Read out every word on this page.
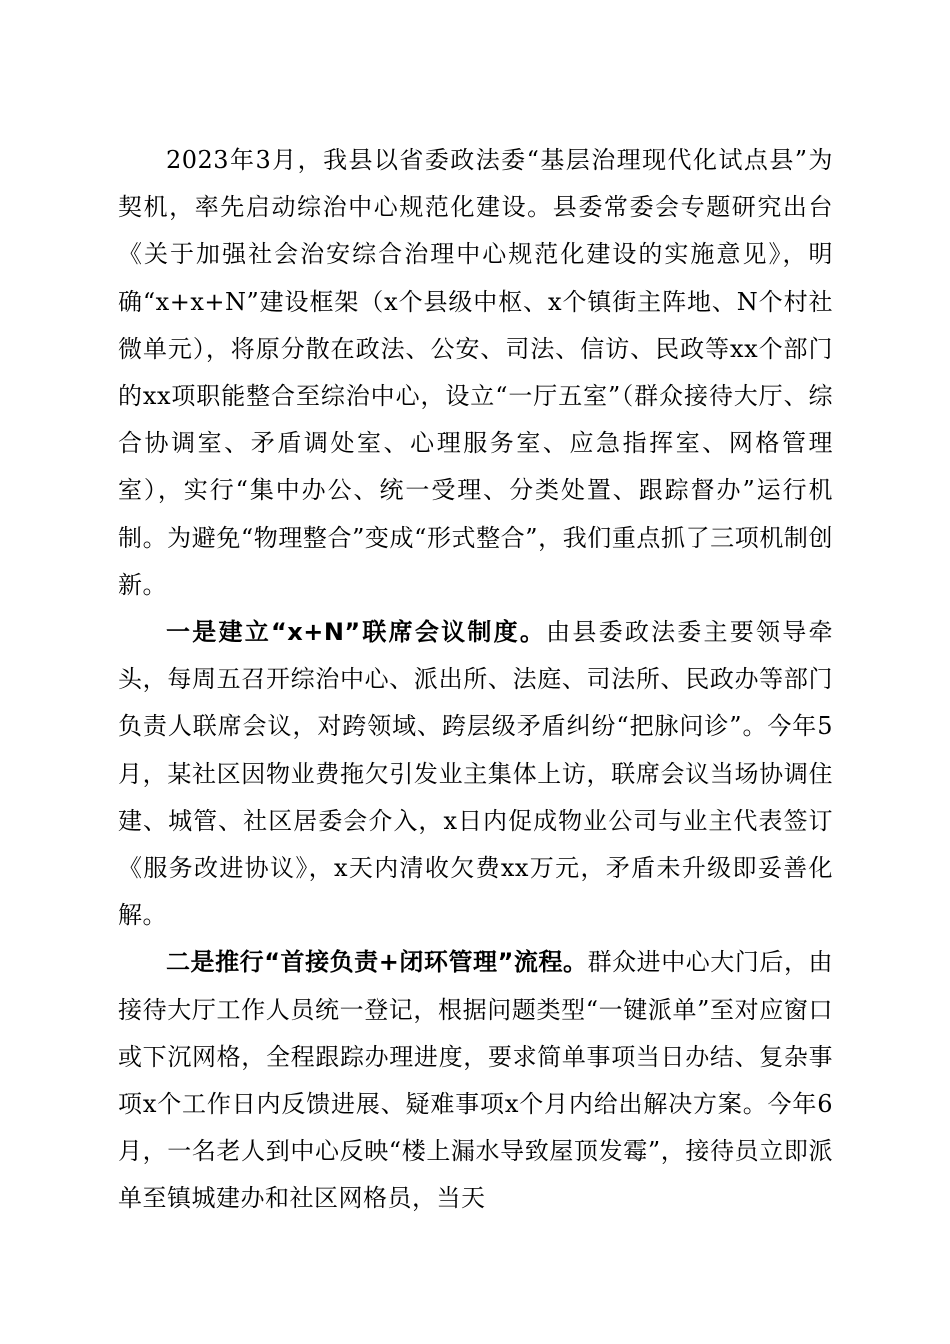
2023年3月，我县以省委政法委“基层治理现代化试点县”为契机，率先启动综治中心规范化建设。县委常委会专题研究出台《关于加强社会治安综合治理中心规范化建设的实施意见》，明确“x+x+N”建设框架（x个县级中枢、x个镇街主阵地、N个村社微单元），将原分散在政法、公安、司法、信访、民政等xx个部门的xx项职能整合至综治中心，设立“一厅五室”（群众接待大厅、综合协调室、矛盾调处室、心理服务室、应急指挥室、网格管理室），实行“集中办公、统一受理、分类处置、跟踪督办”运行机制。为避免“物理整合”变成“形式整合”，我们重点抓了三项机制创新。

一是建立“x+N”联席会议制度。由县委政法委主要领导牵头，每周五召开综治中心、派出所、法庭、司法所、民政办等部门负责人联席会议，对跨领域、跨层级矛盾纠纷“把脉问诊”。今年5月，某社区因物业费拖欠引发业主集体上访，联席会议当场协调住建、城管、社区居委会介入，x日内促成物业公司与业主代表签订《服务改进协议》，x天内清收欠费xx万元，矛盾未升级即妥善化解。

二是推行“首接负责+闭环管理”流程。群众进中心大门后，由接待大厅工作人员统一登记，根据问题类型“一键派单”至对应窗口或下沉网格，全程跟踪办理进度，要求简单事项当日办结、复杂事项x个工作日内反馈进展、疑难事项x个月内给出解决方案。今年6月，一名老人到中心反映“楼上漏水导致屋顶发霉”，接待员立即派单至镇城建办和社区网格员，当天
